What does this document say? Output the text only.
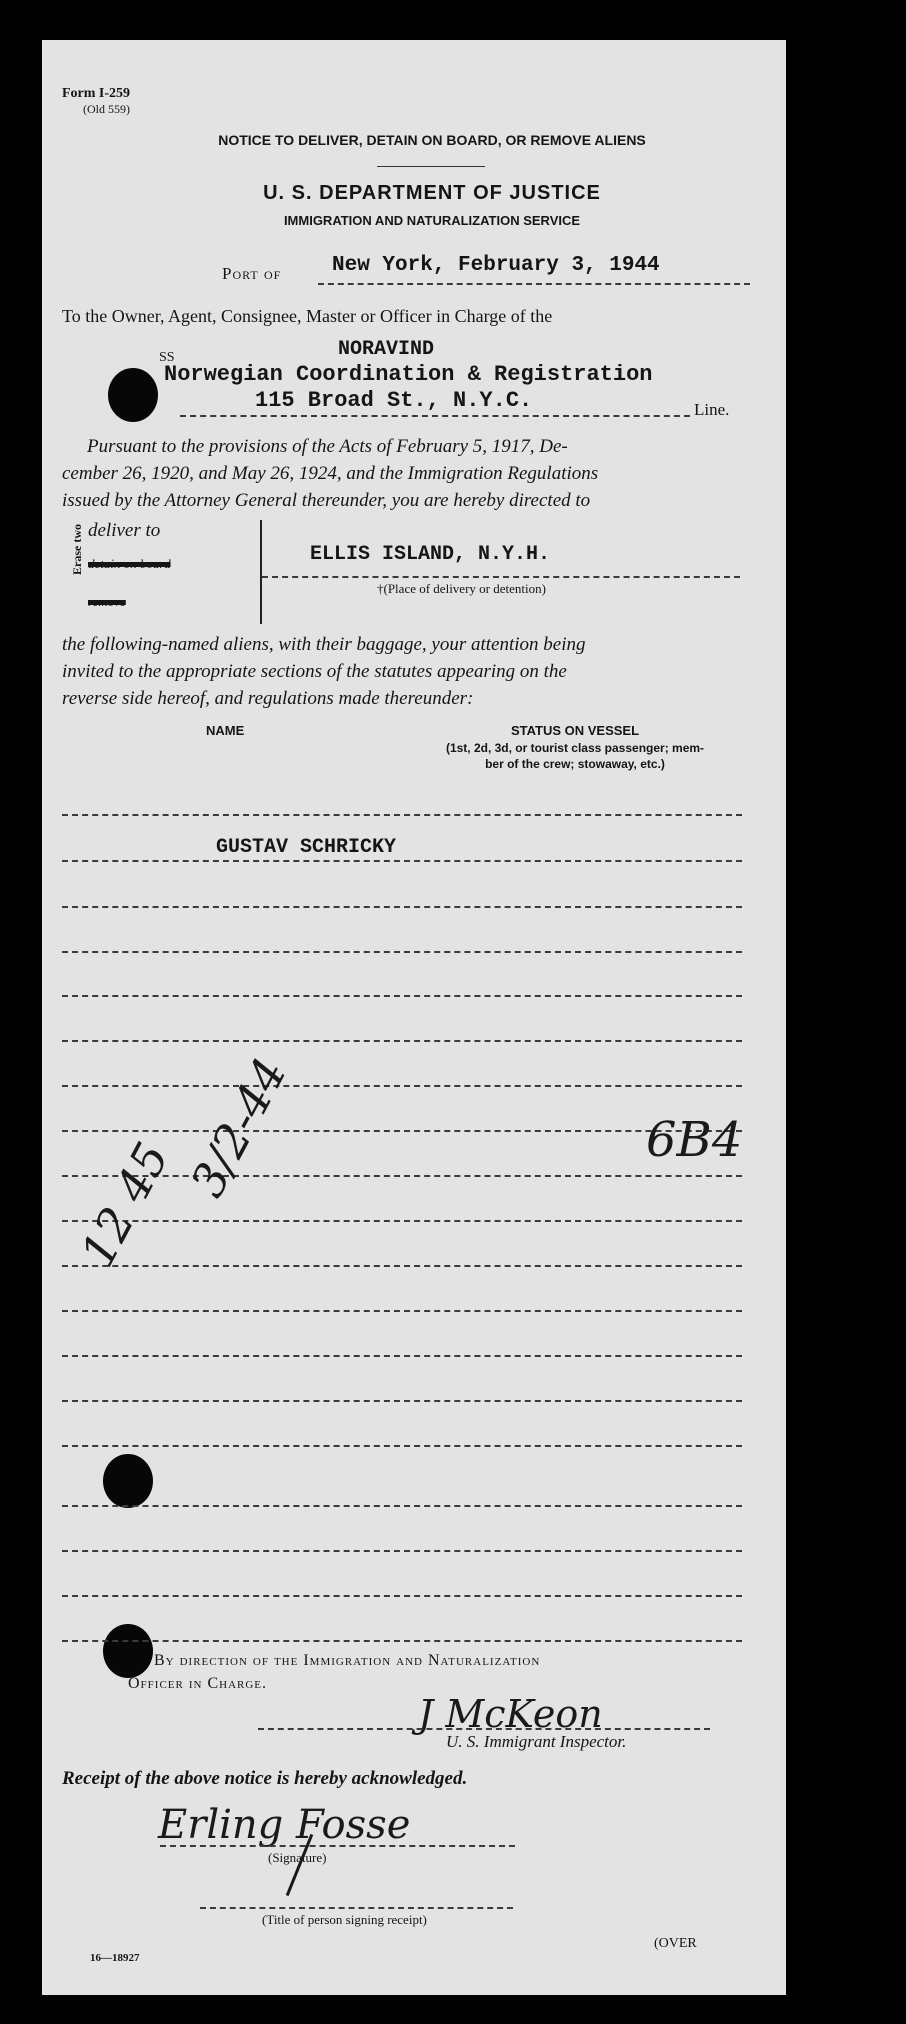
Form I-259
(Old 559)
NOTICE TO DELIVER, DETAIN ON BOARD, OR REMOVE ALIENS
U. S. DEPARTMENT OF JUSTICE
IMMIGRATION AND NATURALIZATION SERVICE
Port of New York, February 3, 1944
To the Owner, Agent, Consignee, Master or Officer in Charge of the
SS	NORAVIND
Norwegian Coordination & Registration
115 Broad St., N.Y.C.	Line.
Pursuant to the provisions of the Acts of February 5, 1917, De-
cember 26, 1920, and May 26, 1924, and the Immigration Regulations
issued by the Attorney General thereunder, you are hereby directed to
Erase two deliver to
detain on board
remove
ELLIS ISLAND, N.Y.H.
†(Place of delivery or detention)
the following-named aliens, with their baggage, your attention being
invited to the appropriate sections of the statutes appearing on the
reverse side hereof, and regulations made thereunder:
NAME	STATUS ON VESSEL
(1st, 2d, 3d, or tourist class passenger; mem-
ber of the crew; stowaway, etc.)
GUSTAV SCHRICKY
6B4
12 45 3/2-44
By direction of the Immigration and Naturalization
Officer in Charge.
J McKeon
U. S. Immigrant Inspector.
Receipt of the above notice is hereby acknowledged.
Erling Fosse
(Signature)
(Title of person signing receipt)
16—18927
(OVER
